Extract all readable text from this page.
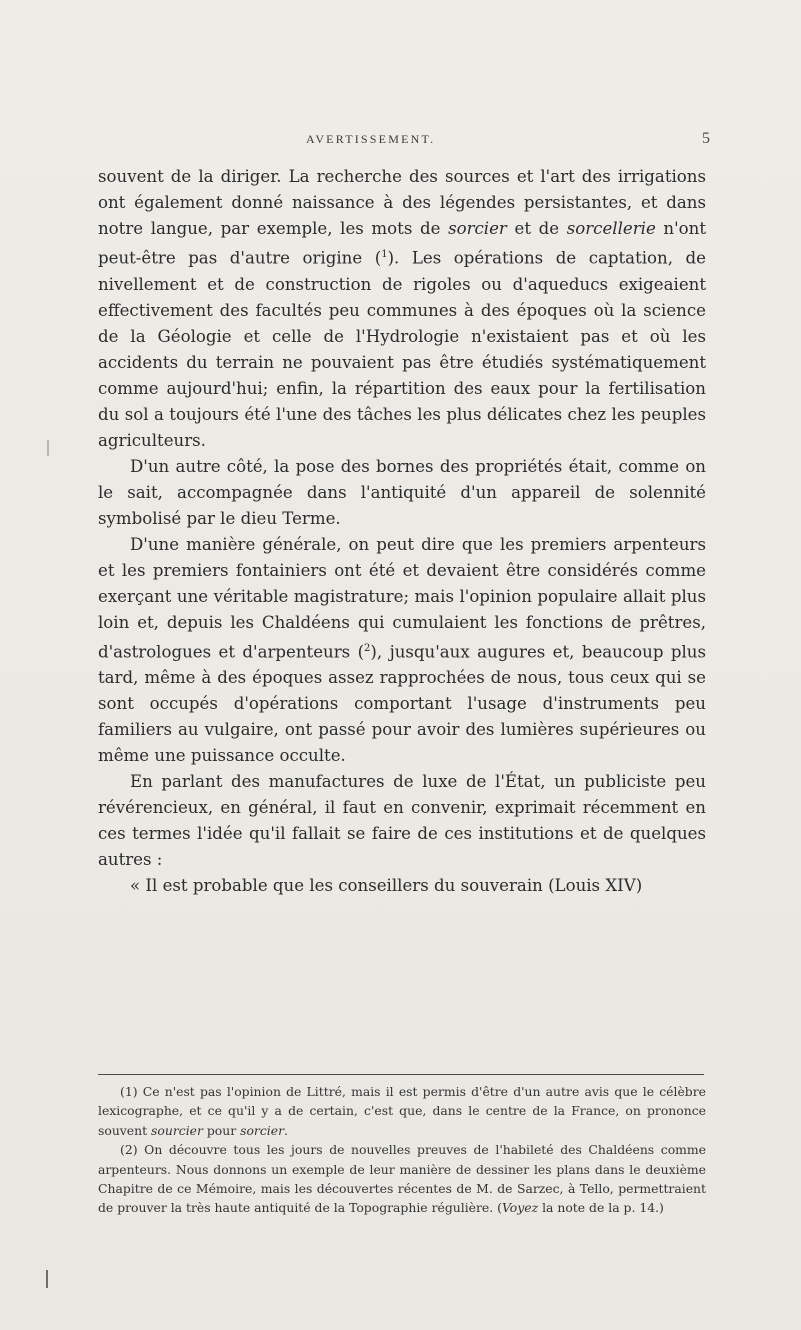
AVERTISSEMENT.	5

souvent de la diriger. La recherche des sources et l'art des irrigations ont également donné naissance à des légendes persistantes, et dans notre langue, par exemple, les mots de sorcier et de sorcellerie n'ont peut-être pas d'autre origine ($^1$). Les opérations de captation, de nivellement et de construction de rigoles ou d'aqueducs exigeaient effectivement des facultés peu communes à des époques où la science de la Géologie et celle de l'Hydrologie n'existaient pas et où les accidents du terrain ne pouvaient pas être étudiés systématiquement comme aujourd'hui; enfin, la répartition des eaux pour la fertilisation du sol a toujours été l'une des tâches les plus délicates chez les peuples agriculteurs.

D'un autre côté, la pose des bornes des propriétés était, comme on le sait, accompagnée dans l'antiquité d'un appareil de solennité symbolisé par le dieu Terme.

D'une manière générale, on peut dire que les premiers arpenteurs et les premiers fontainiers ont été et devaient être considérés comme exerçant une véritable magistrature; mais l'opinion populaire allait plus loin et, depuis les Chaldéens qui cumulaient les fonctions de prêtres, d'astrologues et d'arpenteurs ($^2$), jusqu'aux augures et, beaucoup plus tard, même à des époques assez rapprochées de nous, tous ceux qui se sont occupés d'opérations comportant l'usage d'instruments peu familiers au vulgaire, ont passé pour avoir des lumières supérieures ou même une puissance occulte.

En parlant des manufactures de luxe de l'État, un publiciste peu révérencieux, en général, il faut en convenir, exprimait récemment en ces termes l'idée qu'il fallait se faire de ces institutions et de quelques autres :

« Il est probable que les conseillers du souverain (Louis XIV)

(1) Ce n'est pas l'opinion de Littré, mais il est permis d'être d'un autre avis que le célèbre lexicographe, et ce qu'il y a de certain, c'est que, dans le centre de la France, on prononce souvent sourcier pour sorcier.

(2) On découvre tous les jours de nouvelles preuves de l'habileté des Chaldéens comme arpenteurs. Nous donnons un exemple de leur manière de dessiner les plans dans le deuxième Chapitre de ce Mémoire, mais les découvertes récentes de M. de Sarzec, à Tello, permettraient de prouver la très haute antiquité de la Topographie régulière. (Voyez la note de la p. 14.)
